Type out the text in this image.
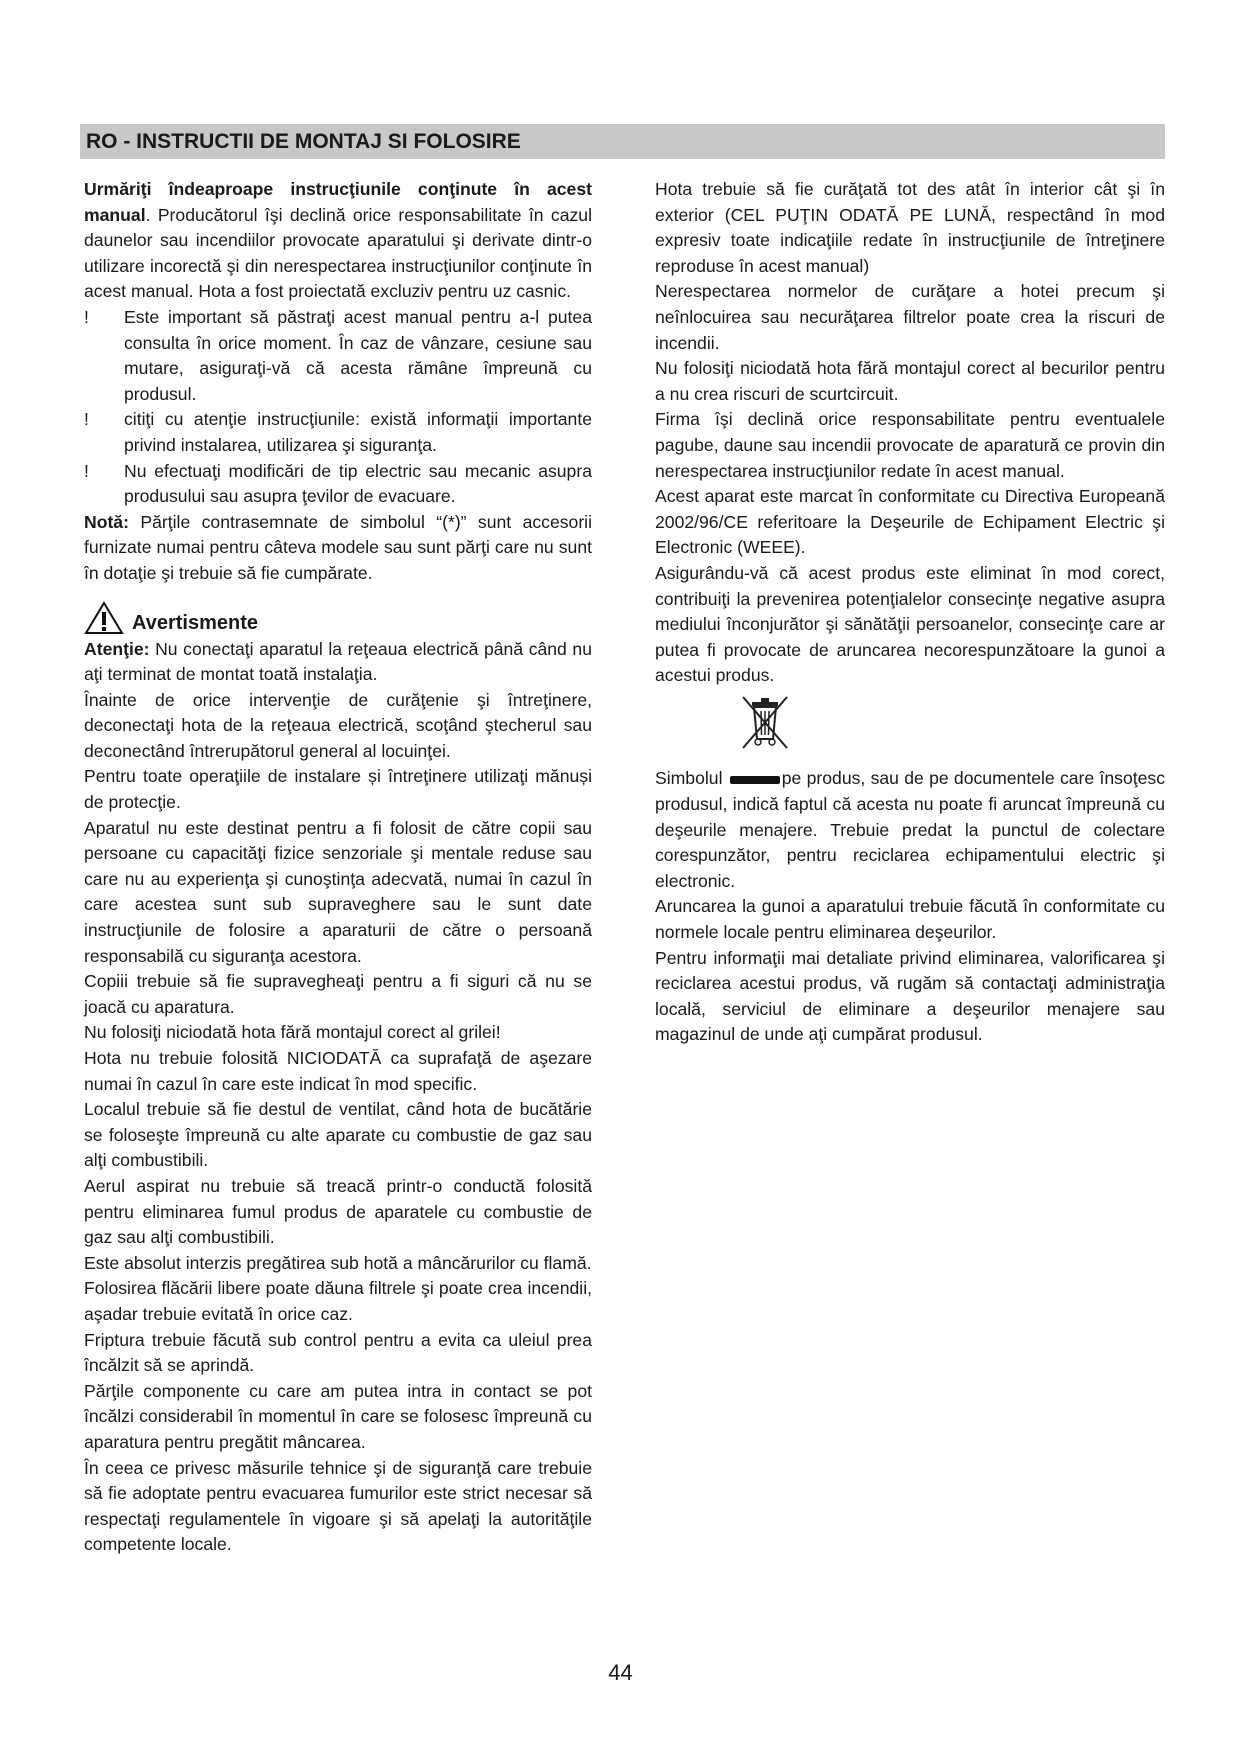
RO - INSTRUCTII DE MONTAJ SI FOLOSIRE

Urmăriţi îndeaproape instrucţiunile conţinute în acest manual. Producătorul îşi declină orice responsabilitate în cazul daunelor sau incendiilor provocate aparatului şi derivate dintr-o utilizare incorectă şi din nerespectarea instrucţiunilor conţinute în acest manual. Hota a fost proiectată excluziv pentru uz casnic.

! Este important să păstraţi acest manual pentru a-l putea consulta în orice moment. În caz de vânzare, cesiune sau mutare, asiguraţi-vă că acesta rămâne împreună cu produsul.
! citiţi cu atenţie instrucţiunile: există informaţii importante privind instalarea, utilizarea şi siguranţa.
! Nu efectuaţi modificări de tip electric sau mecanic asupra produsului sau asupra ţevilor de evacuare.

Notă: Părţile contrasemnate de simbolul “(*)” sunt accesorii furnizate numai pentru câteva modele sau sunt părţi care nu sunt în dotaţie şi trebuie să fie cumpărate.

Avertismente

Atenţie: Nu conectaţi aparatul la reţeaua electrică până când nu aţi terminat de montat toată instalaţia.

Înainte de orice intervenţie de curăţenie şi întreţinere, deconectaţi hota de la reţeaua electrică, scoţând ştecherul sau deconectând întrerupătorul general al locuinţei.

Pentru toate operaţiile de instalare și întreţinere utilizaţi mănuși de protecţie.

Aparatul nu este destinat pentru a fi folosit de către copii sau persoane cu capacităţi fizice senzoriale şi mentale reduse sau care nu au experienţa şi cunoştinţa adecvată, numai în cazul în care acestea sunt sub supraveghere sau le sunt date instrucţiunile de folosire a aparaturii de către o persoană responsabilă cu siguranţa acestora.

Copiii trebuie să fie supravegheaţi pentru a fi siguri că nu se joacă cu aparatura.

Nu folosiţi niciodată hota fără montajul corect al grilei!

Hota nu trebuie folosită NICIODATĂ ca suprafaţă de aşezare numai în cazul în care este indicat în mod specific.

Localul trebuie să fie destul de ventilat, când hota de bucătărie se foloseşte împreună cu alte aparate cu combustie de gaz sau alţi combustibili.

Aerul aspirat nu trebuie să treacă printr-o conductă folosită pentru eliminarea fumul produs de aparatele cu combustie de gaz sau alţi combustibili.

Este absolut interzis pregătirea sub hotă a mâncărurilor cu flamă.

Folosirea flăcării libere poate dăuna filtrele şi poate crea incendii, aşadar trebuie evitată în orice caz.

Friptura trebuie făcută sub control pentru a evita ca uleiul prea încălzit să se aprindă.

Părţile componente cu care am putea intra in contact se pot încălzi considerabil în momentul în care se folosesc împreună cu aparatura pentru pregătit mâncarea.

În ceea ce privesc măsurile tehnice şi de siguranţă care trebuie să fie adoptate pentru evacuarea fumurilor este strict necesar să respectaţi regulamentele în vigoare şi să apelaţi la autorităţile competente locale.

Hota trebuie să fie curăţată tot des atât în interior cât şi în exterior (CEL PUŢIN ODATĂ PE LUNĂ, respectând în mod expresiv toate indicaţiile redate în instrucţiunile de întreţinere reproduse în acest manual)

Nerespectarea normelor de curăţare a hotei precum şi neînlocuirea sau necurăţarea filtrelor poate crea la riscuri de incendii.

Nu folosiţi niciodată hota fără montajul corect al becurilor pentru a nu crea riscuri de scurtcircuit.

Firma îşi declină orice responsabilitate pentru eventualele pagube, daune sau incendii provocate de aparatură ce provin din nerespectarea instrucţiunilor redate în acest manual.

Acest aparat este marcat în conformitate cu Directiva Europeană 2002/96/CE referitoare la Deşeurile de Echipament Electric şi Electronic (WEEE).

Asigurându-vă că acest produs este eliminat în mod corect, contribuiţi la prevenirea potenţialelor consecinţe negative asupra mediului înconjurător şi sănătăţii persoanelor, consecinţe care ar putea fi provocate de aruncarea necorespunzătoare la gunoi a acestui produs.

Simbolul	pe produs, sau de pe documentele care însoţesc produsul, indică faptul că acesta nu poate fi aruncat împreună cu deşeurile menajere. Trebuie predat la punctul de colectare corespunzător, pentru reciclarea echipamentului electric şi electronic.

Aruncarea la gunoi a aparatului trebuie făcută în conformitate cu normele locale pentru eliminarea deşeurilor.

Pentru informaţii mai detaliate privind eliminarea, valorificarea şi reciclarea acestui produs, vă rugăm să contactaţi administraţia locală, serviciul de eliminare a deşeurilor menajere sau magazinul de unde aţi cumpărat produsul.

44
